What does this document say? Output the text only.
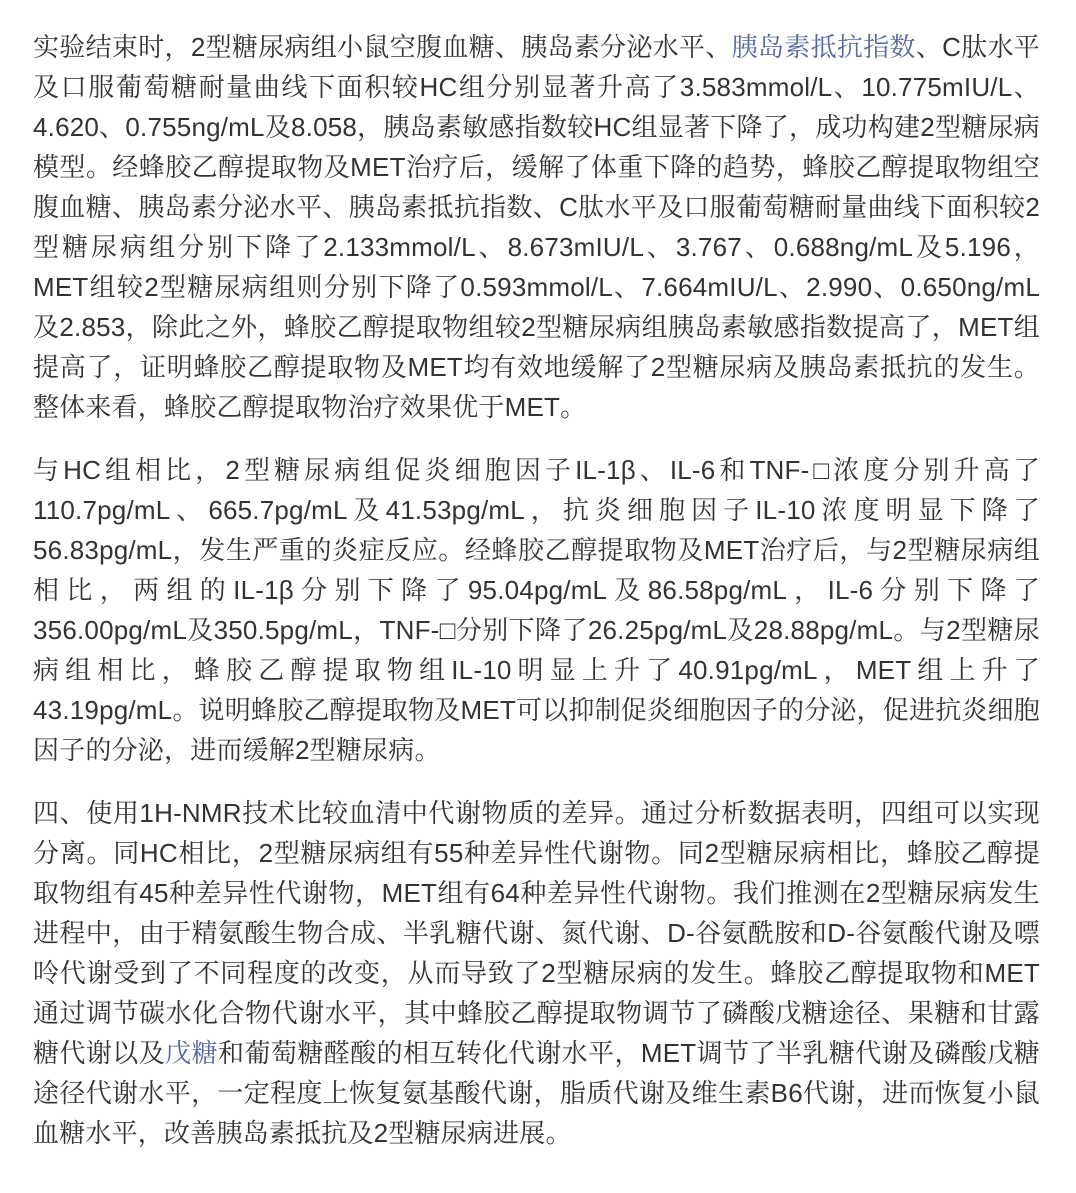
实验结束时，2型糖尿病组小鼠空腹血糖、胰岛素分泌水平、胰岛素抵抗指数、C肽水平及口服葡萄糖耐量曲线下面积较HC组分别显著升高了3.583mmol/L、10.775mIU/L、4.620、0.755ng/mL及8.058，胰岛素敏感指数较HC组显著下降了，成功构建2型糖尿病模型。经蜂胶乙醇提取物及MET治疗后，缓解了体重下降的趋势，蜂胶乙醇提取物组空腹血糖、胰岛素分泌水平、胰岛素抵抗指数、C肽水平及口服葡萄糖耐量曲线下面积较2型糖尿病组分别下降了2.133mmol/L、8.673mIU/L、3.767、0.688ng/mL及5.196，MET组较2型糖尿病组则分别下降了0.593mmol/L、7.664mIU/L、2.990、0.650ng/mL及2.853，除此之外，蜂胶乙醇提取物组较2型糖尿病组胰岛素敏感指数提高了，MET组提高了，证明蜂胶乙醇提取物及MET均有效地缓解了2型糖尿病及胰岛素抵抗的发生。整体来看，蜂胶乙醇提取物治疗效果优于MET。

与HC组相比，2型糖尿病组促炎细胞因子IL-1β、IL-6和TNF-□浓度分别升高了110.7pg/mL、665.7pg/mL及41.53pg/mL，抗炎细胞因子IL-10浓度明显下降了56.83pg/mL，发生严重的炎症反应。经蜂胶乙醇提取物及MET治疗后，与2型糖尿病组相比，两组的IL-1β分别下降了95.04pg/mL及86.58pg/mL，IL-6分别下降了356.00pg/mL及350.5pg/mL，TNF-□分别下降了26.25pg/mL及28.88pg/mL。与2型糖尿病组相比，蜂胶乙醇提取物组IL-10明显上升了40.91pg/mL，MET组上升了43.19pg/mL。说明蜂胶乙醇提取物及MET可以抑制促炎细胞因子的分泌，促进抗炎细胞因子的分泌，进而缓解2型糖尿病。

四、使用1H-NMR技术比较血清中代谢物质的差异。通过分析数据表明，四组可以实现分离。同HC相比，2型糖尿病组有55种差异性代谢物。同2型糖尿病相比，蜂胶乙醇提取物组有45种差异性代谢物，MET组有64种差异性代谢物。我们推测在2型糖尿病发生进程中，由于精氨酸生物合成、半乳糖代谢、氮代谢、D-谷氨酰胺和D-谷氨酸代谢及嘌呤代谢受到了不同程度的改变，从而导致了2型糖尿病的发生。蜂胶乙醇提取物和MET通过调节碳水化合物代谢水平，其中蜂胶乙醇提取物调节了磷酸戊糖途径、果糖和甘露糖代谢以及戊糖和葡萄糖醛酸的相互转化代谢水平，MET调节了半乳糖代谢及磷酸戊糖途径代谢水平，一定程度上恢复氨基酸代谢，脂质代谢及维生素B6代谢，进而恢复小鼠血糖水平，改善胰岛素抵抗及2型糖尿病进展。
